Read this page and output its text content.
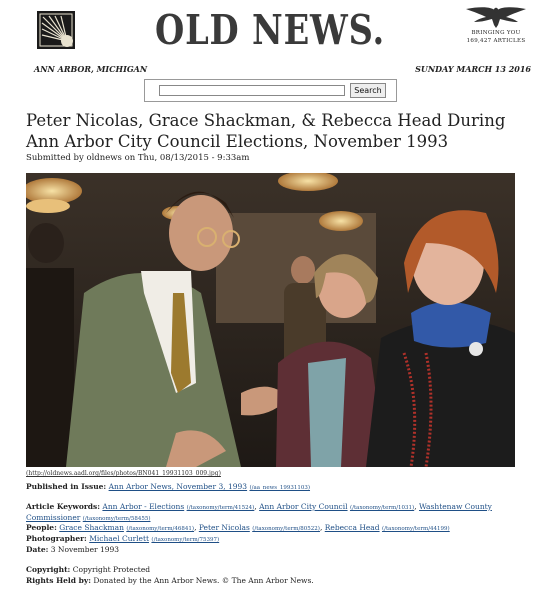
OLD NEWS.	BRINGING YOU
169,427 ARTICLES
ANN ARBOR, MICHIGAN	SUNDAY MARCH 13 2016
Search
Peter Nicolas, Grace Shackman, & Rebecca Head During Ann Arbor City Council Elections, November 1993
Submitted by oldnews on Thu, 08/13/2015 - 9:33am
(http://oldnews.aadl.org/files/photos/BN041_19931103_009.jpg)
Published in Issue: Ann Arbor News, November 3, 1993 (/aa_news_19931103)
Article Keywords: Ann Arbor - Elections (/taxonomy/term/41524), Ann Arbor City Council (/taxonomy/term/1031), Washtenaw County Commissioner (/taxonomy/term/58455)
People: Grace Shackman (/taxonomy/term/46841), Peter Nicolas (/taxonomy/term/80522), Rebecca Head (/taxonomy/term/44199)
Photographer: Michael Curlett (/taxonomy/term/75397)
Date: 3 November 1993
Copyright: Copyright Protected
Rights Held by: Donated by the Ann Arbor News. © The Ann Arbor News.
